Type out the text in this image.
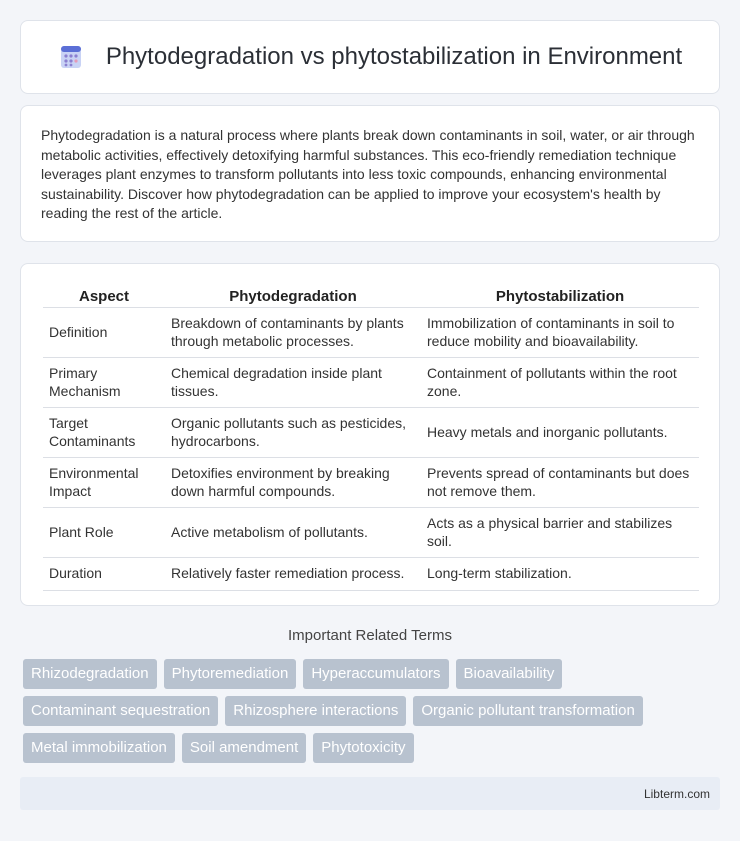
Phytodegradation vs phytostabilization in Environment

Phytodegradation is a natural process where plants break down contaminants in soil, water, or air through metabolic activities, effectively detoxifying harmful substances. This eco-friendly remediation technique leverages plant enzymes to transform pollutants into less toxic compounds, enhancing environmental sustainability. Discover how phytodegradation can be applied to improve your ecosystem's health by reading the rest of the article.

Aspect	Phytodegradation	Phytostabilization
Definition	Breakdown of contaminants by plants through metabolic processes.	Immobilization of contaminants in soil to reduce mobility and bioavailability.
Primary Mechanism	Chemical degradation inside plant tissues.	Containment of pollutants within the root zone.
Target Contaminants	Organic pollutants such as pesticides, hydrocarbons.	Heavy metals and inorganic pollutants.
Environmental Impact	Detoxifies environment by breaking down harmful compounds.	Prevents spread of contaminants but does not remove them.
Plant Role	Active metabolism of pollutants.	Acts as a physical barrier and stabilizes soil.
Duration	Relatively faster remediation process.	Long-term stabilization.
Important Related Terms
Rhizodegradation	Phytoremediation	Hyperaccumulators	Bioavailability
Contaminant sequestration	Rhizosphere interactions	Organic pollutant transformation
Metal immobilization	Soil amendment	Phytotoxicity
Libterm.com
